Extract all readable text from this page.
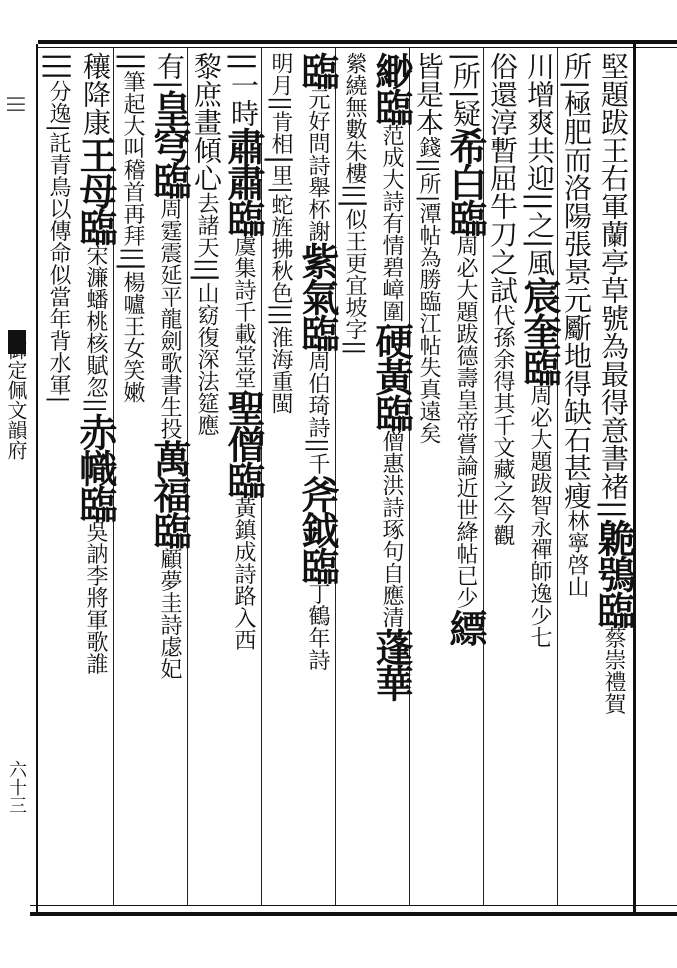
|||
御定佩文韻府
六十三
堅題跋王右軍蘭亭草號為最得意書褚||臲鴞臨蔡崇禮賀
所|極肥而洛陽張景元斸地得缺石甚瘦林寧啓山
川增爽共迎||之|風宸奎臨周必大題跋智永禪師逸少七
俗還淳暫屈牛刀之試代孫余得其千文藏之今觀
|所|疑希白臨周必大題跋德壽皇帝嘗論近世絳帖已少縹
皆是本錢||所|潭帖為勝臨江帖失真遠矣
緲臨范成大詩有情碧嶂圍硬黃臨僧惠洪詩琢句自應清蓬華
縈繞無數朱樓|||似王更宜坡字||
臨元好問詩舉杯謝紫氣臨周伯琦詩||千斧鉞臨丁鶴年詩
明月||肯相|里|蛇旌拂秋色|||淮海重閩
||一時肅肅臨虞集詩千載堂堂聖僧臨黃鎮成詩路入西
黎庶畫傾心去諸天|||山窈復深法筵應
有|皇穹臨周霆震延平龍劍歌書生投萬福臨顧夢圭詩虙妃
||筆起大叫稽首再拜|||楊嚧王女笑嫩
穰降康王母臨宋濂蟠桃核賦忽||赤幟臨吳訥李將軍歌誰
|||分逸|託青鳥以傳命似當年背水軍|
